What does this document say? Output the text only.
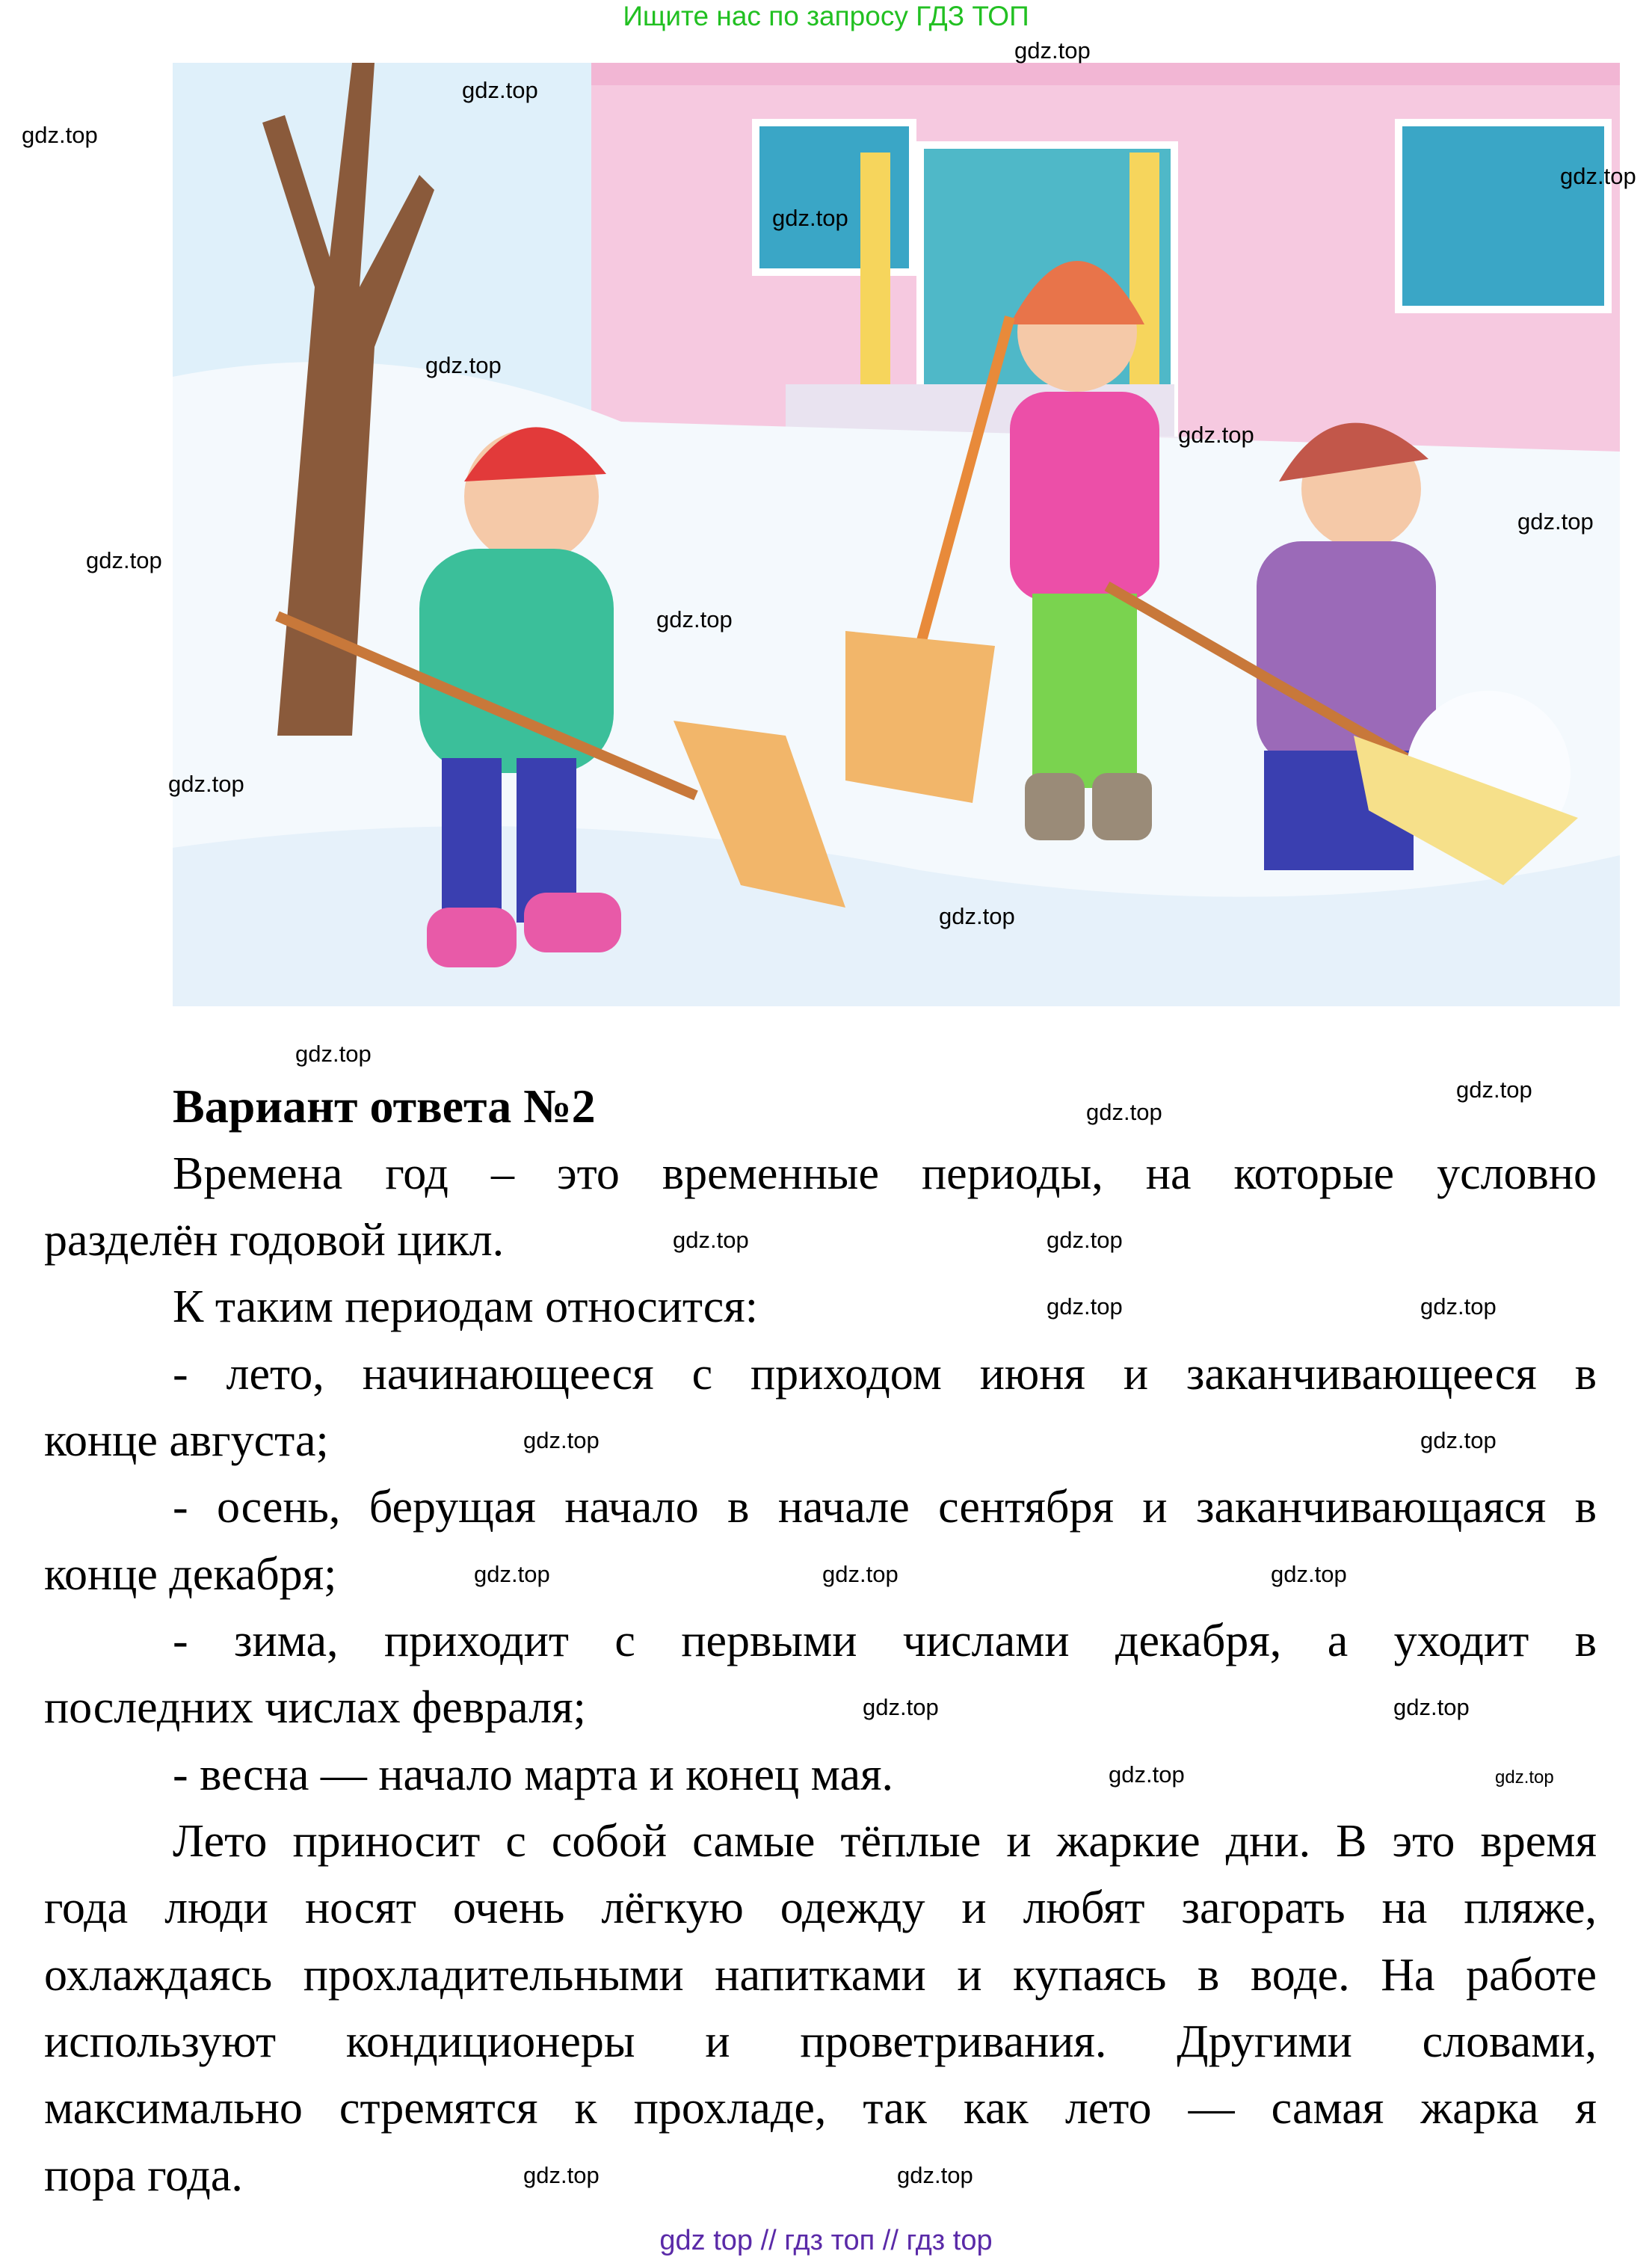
Ищите нас по запросу ГДЗ ТОП
Вариант ответа №2
Времена год – это временные периоды, на которые условно
разделён годовой цикл.
К таким периодам относится:
- лето, начинающееся с приходом июня и заканчивающееся в
конце августа;
- осень, берущая начало в начале сентября и заканчивающаяся в
конце декабря;
- зима, приходит с первыми числами декабря, а уходит в
последних числах февраля;
- весна — начало марта и конец мая.
Лето приносит с собой самые тёплые и жаркие дни. В это время
года люди носят очень лёгкую одежду и любят загорать на пляже,
охлаждаясь прохладительными напитками и купаясь в воде. На работе
используют кондиционеры и проветривания. Другими словами,
максимально стремятся к прохладе, так как лето — самая жарка я
пора года.
gdz.top
gdz.top
gdz.top
gdz.top
gdz.top
gdz.top
gdz.top
gdz.top
gdz.top
gdz.top
gdz.top
gdz.top
gdz.top
gdz.top
gdz.top
gdz.top	gdz.top
gdz.top
gdz.top	gdz.top
gdz.top	gdz.top
gdz.top
gdz.top
gdz.top
gdz.top
gdz.top
gdz.top
gdz.top	gdz.top
gdz top // гдз топ // гдз top
